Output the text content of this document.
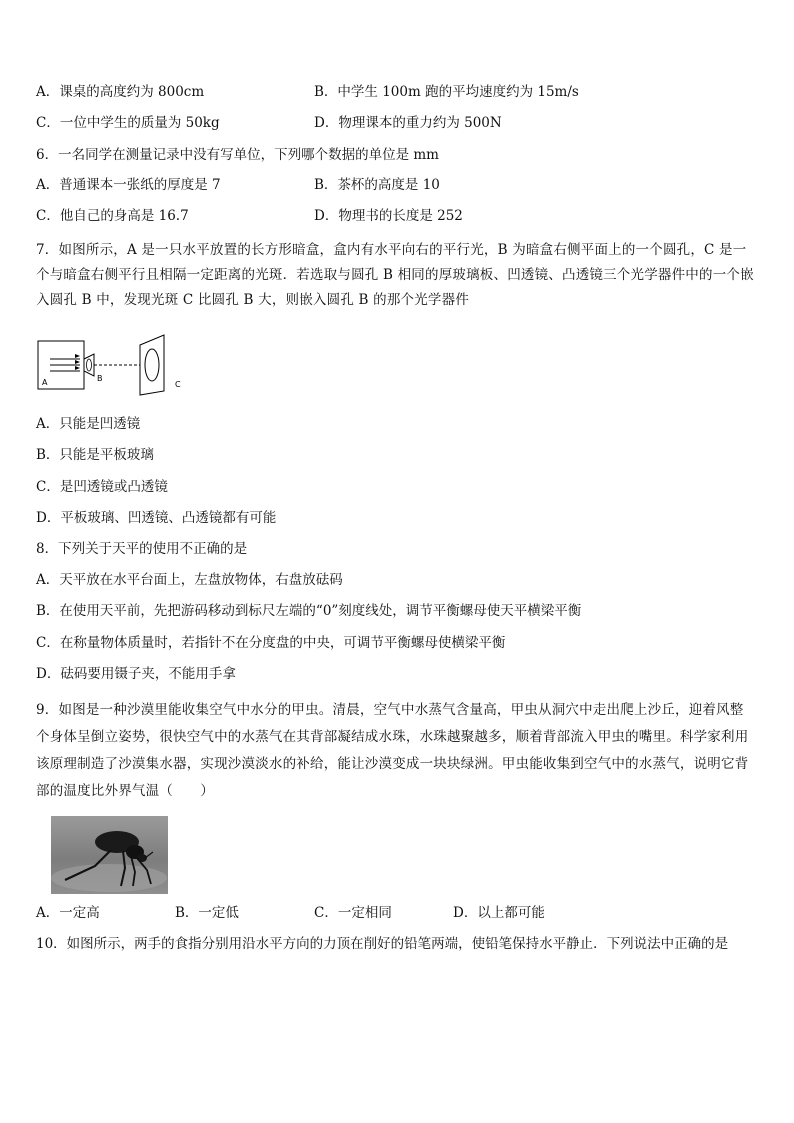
A．课桌的高度约为 800cm	B．中学生 100m 跑的平均速度约为 15m/s
C．一位中学生的质量为 50kg	D．物理课本的重力约为 500N
6．一名同学在测量记录中没有写单位，下列哪个数据的单位是 mm
A．普通课本一张纸的厚度是 7	B．茶杯的高度是 10
C．他自己的身高是 16.7	D．物理书的长度是 252
7．如图所示，A 是一只水平放置的长方形暗盒，盒内有水平向右的平行光，B 为暗盒右侧平面上的一个圆孔，C 是一个与暗盒右侧平行且相隔一定距离的光斑．若选取与圆孔 B 相同的厚玻璃板、凹透镜、凸透镜三个光学器件中的一个嵌入圆孔 B 中，发现光斑 C 比圆孔 B 大，则嵌入圆孔 B 的那个光学器件
A	B
C
A．只能是凹透镜
B．只能是平板玻璃
C．是凹透镜或凸透镜
D．平板玻璃、凹透镜、凸透镜都有可能
8．下列关于天平的使用不正确的是
A．天平放在水平台面上，左盘放物体，右盘放砝码
B．在使用天平前，先把游码移动到标尺左端的“0”刻度线处，调节平衡螺母使天平横梁平衡
C．在称量物体质量时，若指针不在分度盘的中央，可调节平衡螺母使横梁平衡
D．砝码要用镊子夹，不能用手拿
9．如图是一种沙漠里能收集空气中水分的甲虫。清晨，空气中水蒸气含量高，甲虫从洞穴中走出爬上沙丘，迎着风整个身体呈倒立姿势，很快空气中的水蒸气在其背部凝结成水珠，水珠越聚越多，顺着背部流入甲虫的嘴里。科学家利用该原理制造了沙漠集水器，实现沙漠淡水的补给，能让沙漠变成一块块绿洲。甲虫能收集到空气中的水蒸气，说明它背部的温度比外界气温（　　）
A．一定高	B．一定低	C．一定相同	D．以上都可能
10．如图所示，两手的食指分别用沿水平方向的力顶在削好的铅笔两端，使铅笔保持水平静止．下列说法中正确的是
